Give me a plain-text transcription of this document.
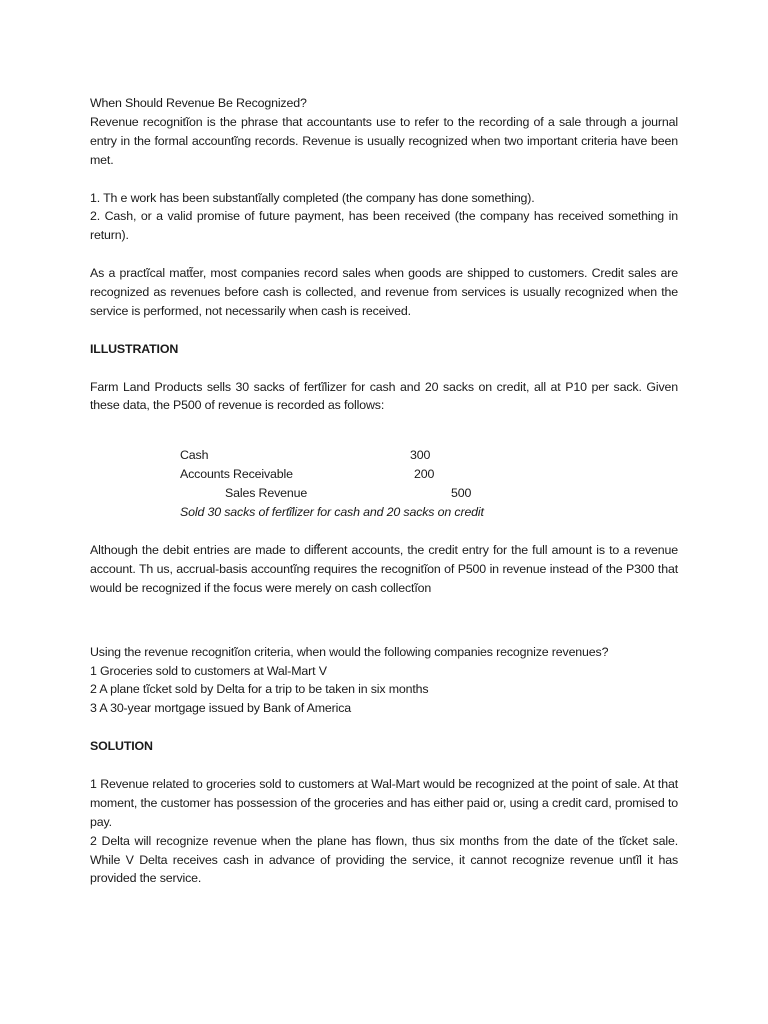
When Should Revenue Be Recognized?

Revenue recognitĩon is the phrase that accountants use to refer to the recording of a sale through a journal entry in the formal accountĩng records. Revenue is usually recognized when two important criteria have been met.

1. Th e work has been substantĩally completed (the company has done something).

2. Cash, or a valid promise of future payment, has been received (the company has received something in return).

As a practĩcal matt̃er, most companies record sales when goods are shipped to customers. Credit sales are recognized as revenues before cash is collected, and revenue from services is usually recognized when the service is performed, not necessarily when cash is received.

ILLUSTRATION

Farm Land Products sells 30 sacks of fertĩlizer for cash and 20 sacks on credit, all at P10 per sack. Given these data, the P500 of revenue is recorded as follows:

Cash	300
Accounts Receivable	200
Sales Revenue	500
Sold 30 sacks of fertĩlizer for cash and 20 sacks on credit

Although the debit entries are made to diff̃erent accounts, the credit entry for the full amount is to a revenue account. Th us, accrual-basis accountĩng requires the recognitĩon of P500 in revenue instead of the P300 that would be recognized if the focus were merely on cash collectĩon

Using the revenue recognitĩon criteria, when would the following companies recognize revenues?

1 Groceries sold to customers at Wal-Mart V

2 A plane tĩcket sold by Delta for a trip to be taken in six months

3 A 30-year mortgage issued by Bank of America

SOLUTION

1 Revenue related to groceries sold to customers at Wal-Mart would be recognized at the point of sale. At that moment, the customer has possession of the groceries and has either paid or, using a credit card, promised to pay.

2 Delta will recognize revenue when the plane has flown, thus six months from the date of the tĩcket sale. While V Delta receives cash in advance of providing the service, it cannot recognize revenue untĩl it has provided the service.
